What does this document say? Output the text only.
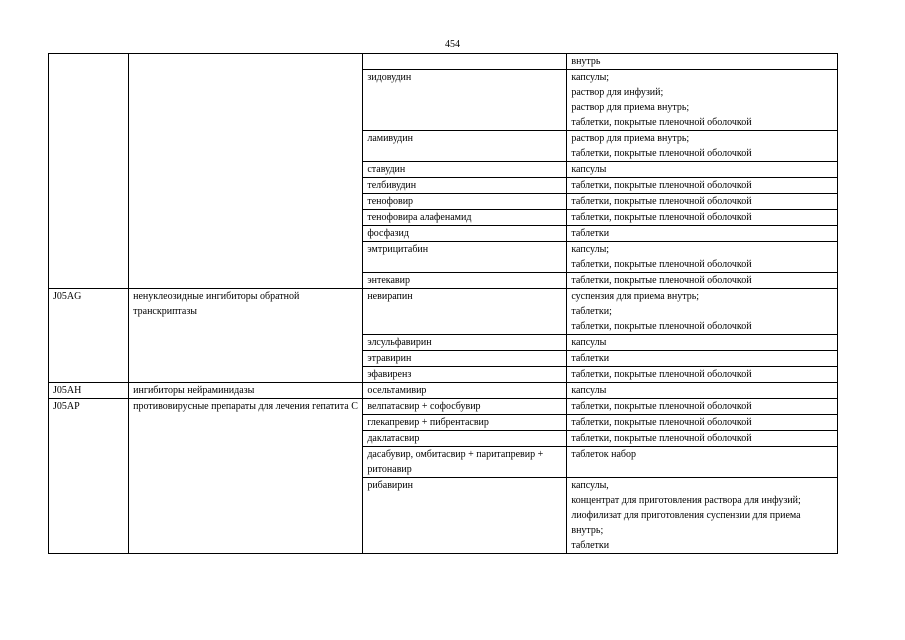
454

			внутрь

		зидовудин	капсулы;
раствор для инфузий;
раствор для приема внутрь;
таблетки, покрытые пленочной оболочкой

		ламивудин	раствор для приема внутрь;
таблетки, покрытые пленочной оболочкой

		ставудин	капсулы

		телбивудин	таблетки, покрытые пленочной оболочкой

		тенофовир	таблетки, покрытые пленочной оболочкой

		тенофовира алафенамид	таблетки, покрытые пленочной оболочкой

		фосфазид	таблетки

		эмтрицитабин	капсулы;
таблетки, покрытые пленочной оболочкой

		энтекавир	таблетки, покрытые пленочной оболочкой

J05AG	ненуклеозидные ингибиторы обратной транскриптазы	невирапин	суспензия для приема внутрь;
таблетки;
таблетки, покрытые пленочной оболочкой

		элсульфавирин	капсулы

		этравирин	таблетки

		эфавиренз	таблетки, покрытые пленочной оболочкой

J05AH	ингибиторы нейраминидазы	осельтамивир	капсулы

J05AP	противовирусные препараты для лечения гепатита С	велпатасвир + софосбувир	таблетки, покрытые пленочной оболочкой

		глекапревир + пибрентасвир	таблетки, покрытые пленочной оболочкой

		даклатасвир	таблетки, покрытые пленочной оболочкой

		дасабувир, омбитасвир + паритапревир + ритонавир	таблеток набор

		рибавирин	капсулы,
концентрат для приготовления раствора для инфузий;
лиофилизат для приготовления суспензии для приема внутрь;
таблетки
